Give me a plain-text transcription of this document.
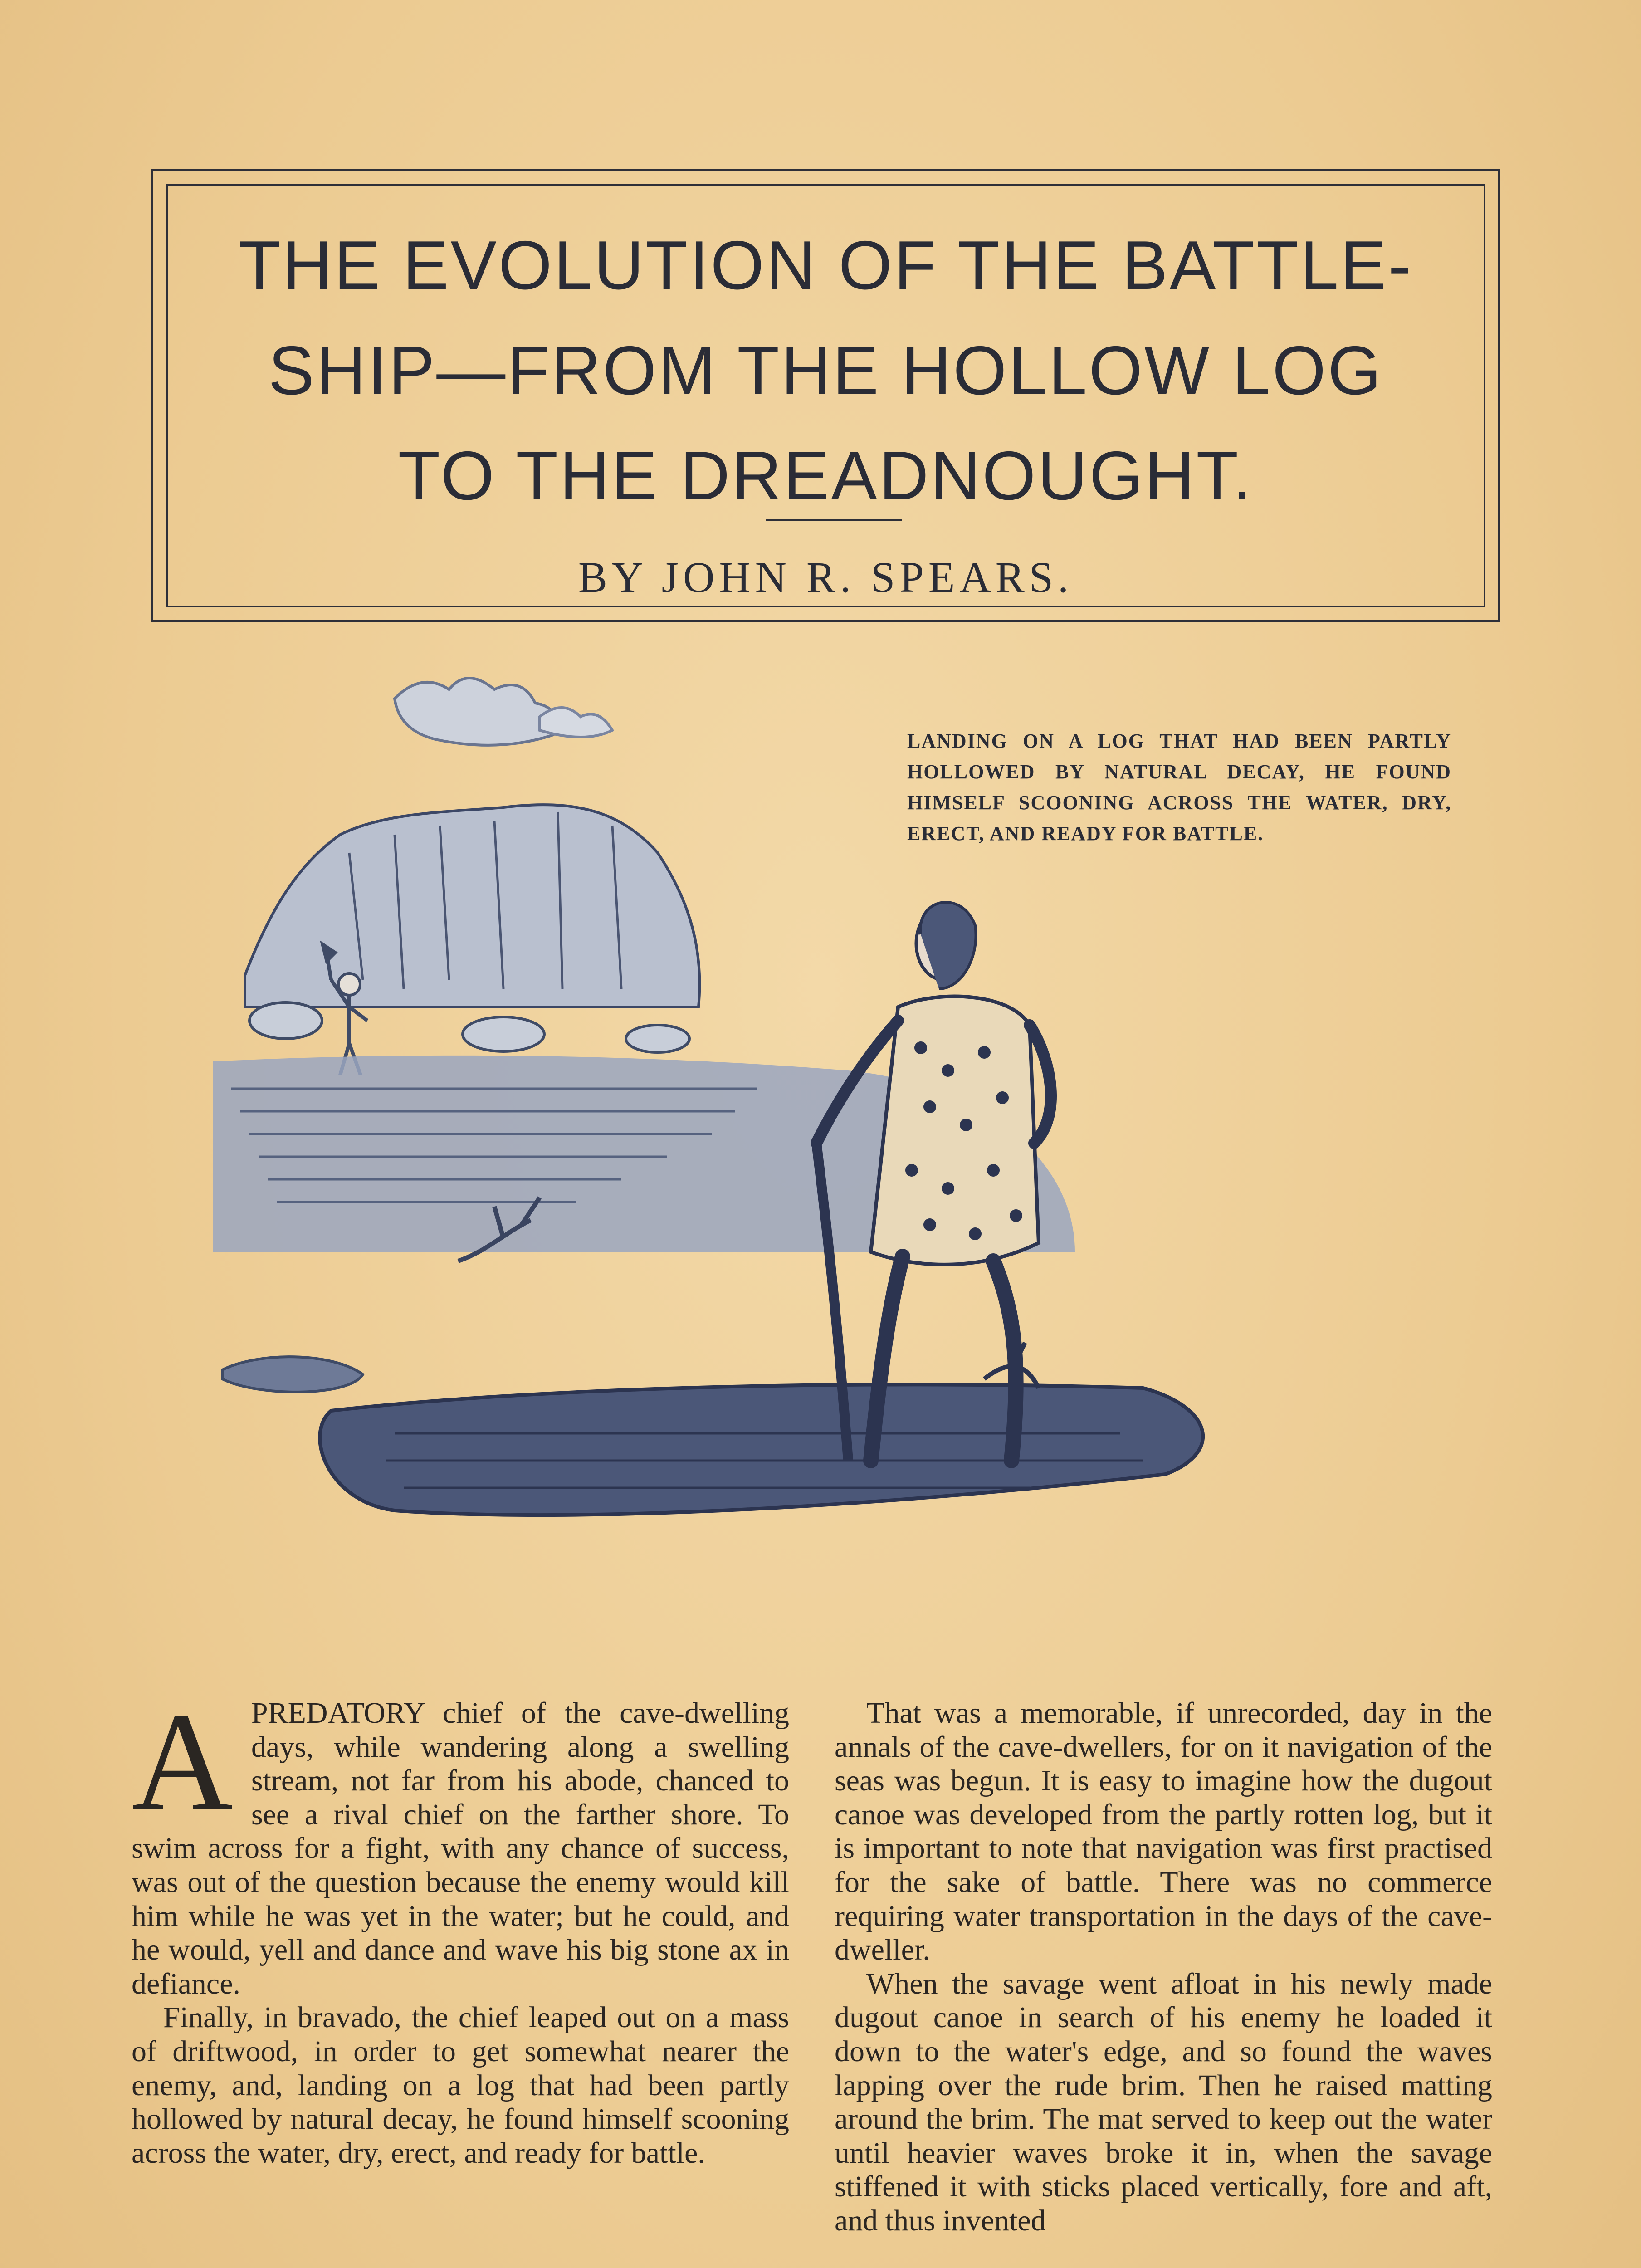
THE EVOLUTION OF THE BATTLE-
SHIP—FROM THE HOLLOW LOG
TO THE DREADNOUGHT.
BY JOHN R. SPEARS.
LANDING ON A LOG THAT HAD BEEN PARTLY HOLLOWED BY NATURAL DECAY, HE FOUND HIMSELF SCOONING ACROSS THE WATER, DRY, ERECT, AND READY FOR BATTLE.

APREDATORY chief of the cave-dwelling days, while wandering along a swelling stream, not far from his abode, chanced to see a rival chief on the farther shore. To swim across for a fight, with any chance of success, was out of the question because the enemy would kill him while he was yet in the water; but he could, and he would, yell and dance and wave his big stone ax in defiance.

Finally, in bravado, the chief leaped out on a mass of driftwood, in order to get somewhat nearer the enemy, and, landing on a log that had been partly hollowed by natural decay, he found himself scooning across the water, dry, erect, and ready for battle.

That was a memorable, if unrecorded, day in the annals of the cave-dwellers, for on it navigation of the seas was begun. It is easy to imagine how the dugout canoe was developed from the partly rotten log, but it is important to note that navigation was first practised for the sake of battle. There was no commerce requiring water transportation in the days of the cave-dweller.

When the savage went afloat in his newly made dugout canoe in search of his enemy he loaded it down to the water's edge, and so found the waves lapping over the rude brim. Then he raised matting around the brim. The mat served to keep out the water until heavier waves broke it in, when the savage stiffened it with sticks placed vertically, fore and aft, and thus invented
